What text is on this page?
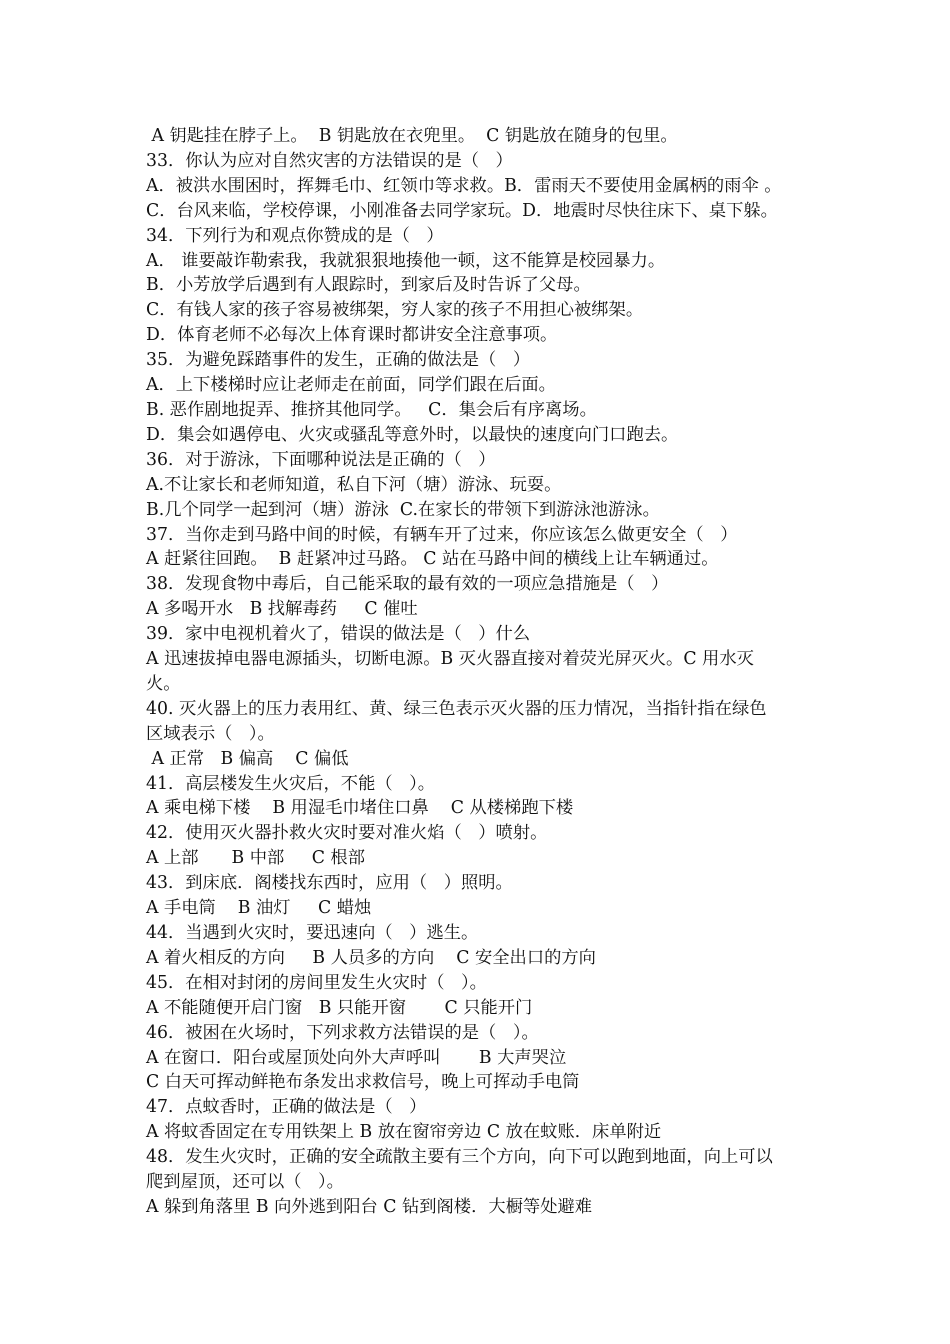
A 钥匙挂在脖子上。  B 钥匙放在衣兜里。  C 钥匙放在随身的包里。
33．你认为应对自然灾害的方法错误的是（   ）
A．被洪水围困时，挥舞毛巾、红领巾等求救。B．雷雨天不要使用金属柄的雨伞 。
C．台风来临，学校停课，小刚准备去同学家玩。D．地震时尽快往床下、桌下躲。
34．下列行为和观点你赞成的是（   ）
A． 谁要敲诈勒索我，我就狠狠地揍他一顿，这不能算是校园暴力。
B．小芳放学后遇到有人跟踪时，到家后及时告诉了父母。
C．有钱人家的孩子容易被绑架，穷人家的孩子不用担心被绑架。
D．体育老师不必每次上体育课时都讲安全注意事项。
35．为避免踩踏事件的发生，正确的做法是（   ）
A．上下楼梯时应让老师走在前面，同学们跟在后面。
B. 恶作剧地捉弄、推挤其他同学。   C．集会后有序离场。
D．集会如遇停电、火灾或骚乱等意外时，以最快的速度向门口跑去。
36．对于游泳，下面哪种说法是正确的（   ）
A.不让家长和老师知道，私自下河（塘）游泳、玩耍。
B.几个同学一起到河（塘）游泳  C.在家长的带领下到游泳池游泳。
37．当你走到马路中间的时候，有辆车开了过来，你应该怎么做更安全（   ）
A 赶紧往回跑。  B 赶紧冲过马路。 C 站在马路中间的横线上让车辆通过。
38．发现食物中毒后，自己能采取的最有效的一项应急措施是（   ）
A 多喝开水   B 找解毒药     C 催吐
39．家中电视机着火了，错误的做法是（   ）什么
A 迅速拔掉电器电源插头，切断电源。B 灭火器直接对着荧光屏灭火。C 用水灭
火。
40. 灭火器上的压力表用红、黄、绿三色表示灭火器的压力情况，当指针指在绿色
区域表示（   ）。
A 正常   B 偏高    C 偏低
41．高层楼发生火灾后，不能（   ）。
A 乘电梯下楼    B 用湿毛巾堵住口鼻    C 从楼梯跑下楼
42．使用灭火器扑救火灾时要对准火焰（   ）喷射。
A 上部      B 中部     C 根部
43．到床底．阁楼找东西时，应用（   ）照明。
A 手电筒    B 油灯     C 蜡烛
44．当遇到火灾时，要迅速向（   ）逃生。
A 着火相反的方向     B 人员多的方向    C 安全出口的方向
45．在相对封闭的房间里发生火灾时（   ）。
A 不能随便开启门窗   B 只能开窗       C 只能开门
46．被困在火场时，下列求救方法错误的是（   ）。
A 在窗口．阳台或屋顶处向外大声呼叫       B 大声哭泣
C 白天可挥动鲜艳布条发出求救信号，晚上可挥动手电筒
47．点蚊香时，正确的做法是（   ）
A 将蚊香固定在专用铁架上 B 放在窗帘旁边 C 放在蚊账．床单附近
48．发生火灾时，正确的安全疏散主要有三个方向，向下可以跑到地面，向上可以
爬到屋顶，还可以（   ）。
A 躲到角落里 B 向外逃到阳台 C 钻到阁楼．大橱等处避难
